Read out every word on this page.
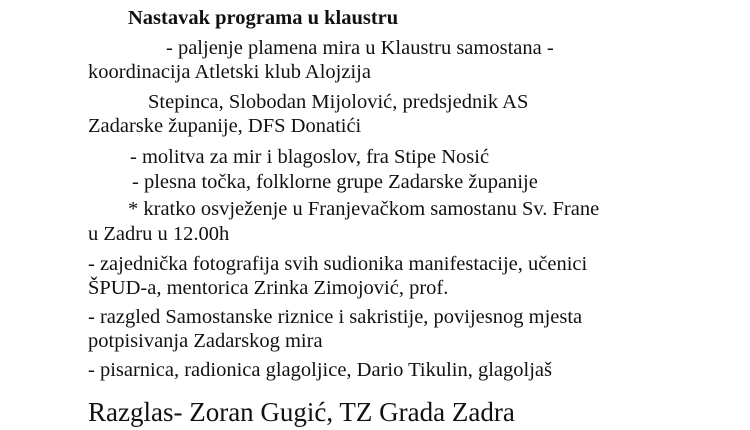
Nastavak programa u klaustru
- paljenje plamena mira u Klaustru samostana -
koordinacija Atletski klub Alojzija
Stepinca, Slobodan Mijolović, predsjednik AS
Zadarske županije, DFS Donatići
- molitva za mir i blagoslov, fra Stipe Nosić
- plesna točka, folklorne grupe Zadarske županije
* kratko osvježenje u Franjevačkom samostanu Sv. Frane
u Zadru u 12.00h
- zajednička fotografija svih sudionika manifestacije, učenici
ŠPUD-a, mentorica Zrinka Zimojović, prof.
- razgled Samostanske riznice i sakristije, povijesnog mjesta
potpisivanja Zadarskog mira
- pisarnica, radionica glagoljice, Dario Tikulin, glagoljaš
Razglas- Zoran Gugić, TZ Grada Zadra
